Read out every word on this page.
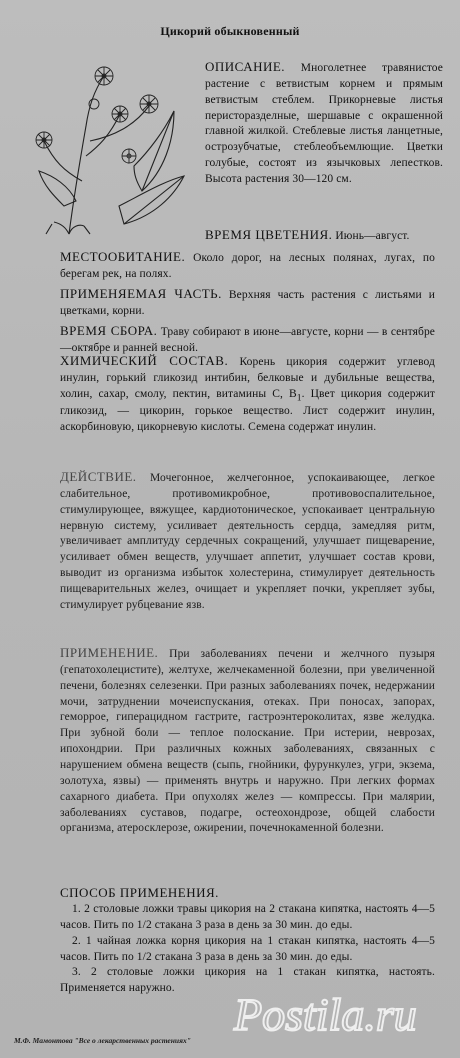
Цикорий обыкновенный
ОПИСАНИЕ. Многолетнее травянистое растение с ветвистым корнем и прямым ветвистым стеблем. Прикорневые листья перисторазделные, шершавые с окрашенной главной жилкой. Стеблевые листья ланцетные, острозубчатые, стеблеобъемлющие. Цветки голубые, состоят из язычковых лепестков. Высота растения 30—120 см.
ВРЕМЯ ЦВЕТЕНИЯ. Июнь—август.
МЕСТООБИТАНИЕ. Около дорог, на лесных полянах, лугах, по берегам рек, на полях.
ПРИМЕНЯЕМАЯ ЧАСТЬ. Верхняя часть растения с листьями и цветками, корни.
ВРЕМЯ СБОРА. Траву собирают в июне—августе, корни — в сентябре—октябре и ранней весной.
ХИМИЧЕСКИЙ СОСТАВ. Корень цикория содержит углевод инулин, горький гликозид интибин, белковые и дубильные вещества, холин, сахар, смолу, пектин, витамины С, $В_1$. Цвет цикория содержит гликозид, — цикорин, горькое вещество. Лист содержит инулин, аскорбиновую, цикорневую кислоты. Семена содержат инулин.
ДЕЙСТВИЕ. Мочегонное, желчегонное, успокаивающее, легкое слабительное, противомикробное, противовоспалительное, стимулирующее, вяжущее, кардиотоническое, успокаивает центральную нервную систему, усиливает деятельность сердца, замедляя ритм, увеличивает амплитуду сердечных сокращений, улучшает пищеварение, усиливает обмен веществ, улучшает аппетит, улучшает состав крови, выводит из организма избыток холестерина, стимулирует деятельность пищеварительных желез, очищает и укрепляет почки, укрепляет зубы, стимулирует рубцевание язв.
ПРИМЕНЕНИЕ. При заболеваниях печени и желчного пузыря (гепатохолецистите), желтухе, желчекаменной болезни, при увеличенной печени, болезнях селезенки. При разных заболеваниях почек, недержании мочи, затруднении мочеиспускания, отеках. При поносах, запорах, геморрое, гиперацидном гастрите, гастроэнтероколитах, язве желудка. При зубной боли — теплое полоскание. При истерии, неврозах, ипохондрии. При различных кожных заболеваниях, связанных с нарушением обмена веществ (сыпь, гнойники, фурункулез, угри, экзема, золотуха, язвы) — применять внутрь и наружно. При легких формах сахарного диабета. При опухолях желез — компрессы. При малярии, заболеваниях суставов, подагре, остеохондрозе, общей слабости организма, атеросклерозе, ожирении, почечнокаменной болезни.
СПОСОБ ПРИМЕНЕНИЯ.

1. 2 столовые ложки травы цикория на 2 стакана кипятка, настоять 4—5 часов. Пить по 1/2 стакана 3 раза в день за 30 мин. до еды.

2. 1 чайная ложка корня цикория на 1 стакан кипятка, настоять 4—5 часов. Пить по 1/2 стакана 3 раза в день за 30 мин. до еды.

3. 2 столовые ложки цикория на 1 стакан кипятка, настоять. Применяется наружно.

Postila.ru
М.Ф. Мамонтова "Все о лекарственных растениях"
